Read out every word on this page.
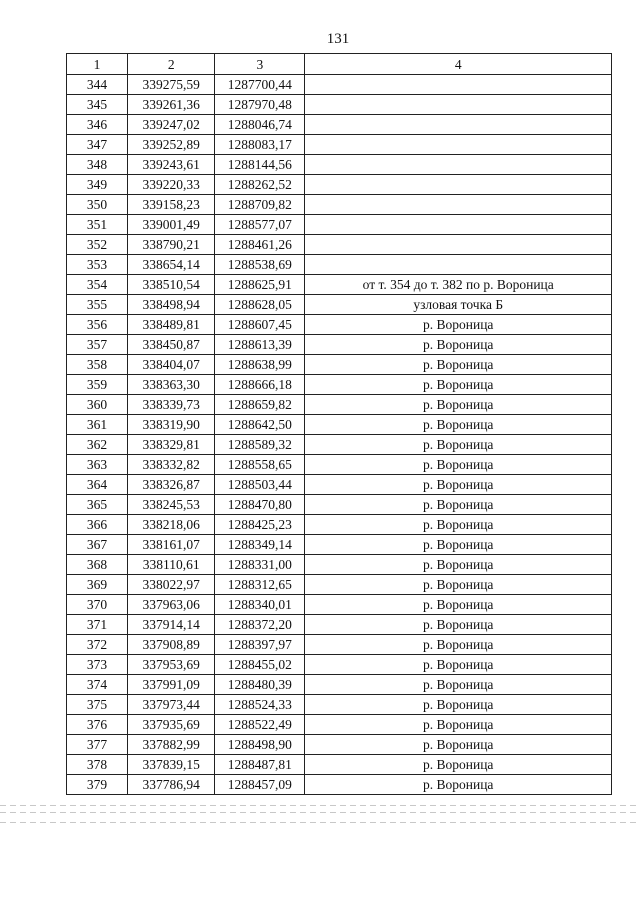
131
1	2	3	4
344	339275,59	1287700,44	
345	339261,36	1287970,48	
346	339247,02	1288046,74	
347	339252,89	1288083,17	
348	339243,61	1288144,56	
349	339220,33	1288262,52	
350	339158,23	1288709,82	
351	339001,49	1288577,07	
352	338790,21	1288461,26	
353	338654,14	1288538,69	
354	338510,54	1288625,91	от т. 354 до т. 382 по р. Вороница
355	338498,94	1288628,05	узловая точка Б
356	338489,81	1288607,45	р. Вороница
357	338450,87	1288613,39	р. Вороница
358	338404,07	1288638,99	р. Вороница
359	338363,30	1288666,18	р. Вороница
360	338339,73	1288659,82	р. Вороница
361	338319,90	1288642,50	р. Вороница
362	338329,81	1288589,32	р. Вороница
363	338332,82	1288558,65	р. Вороница
364	338326,87	1288503,44	р. Вороница
365	338245,53	1288470,80	р. Вороница
366	338218,06	1288425,23	р. Вороница
367	338161,07	1288349,14	р. Вороница
368	338110,61	1288331,00	р. Вороница
369	338022,97	1288312,65	р. Вороница
370	337963,06	1288340,01	р. Вороница
371	337914,14	1288372,20	р. Вороница
372	337908,89	1288397,97	р. Вороница
373	337953,69	1288455,02	р. Вороница
374	337991,09	1288480,39	р. Вороница
375	337973,44	1288524,33	р. Вороница
376	337935,69	1288522,49	р. Вороница
377	337882,99	1288498,90	р. Вороница
378	337839,15	1288487,81	р. Вороница
379	337786,94	1288457,09	р. Вороница
